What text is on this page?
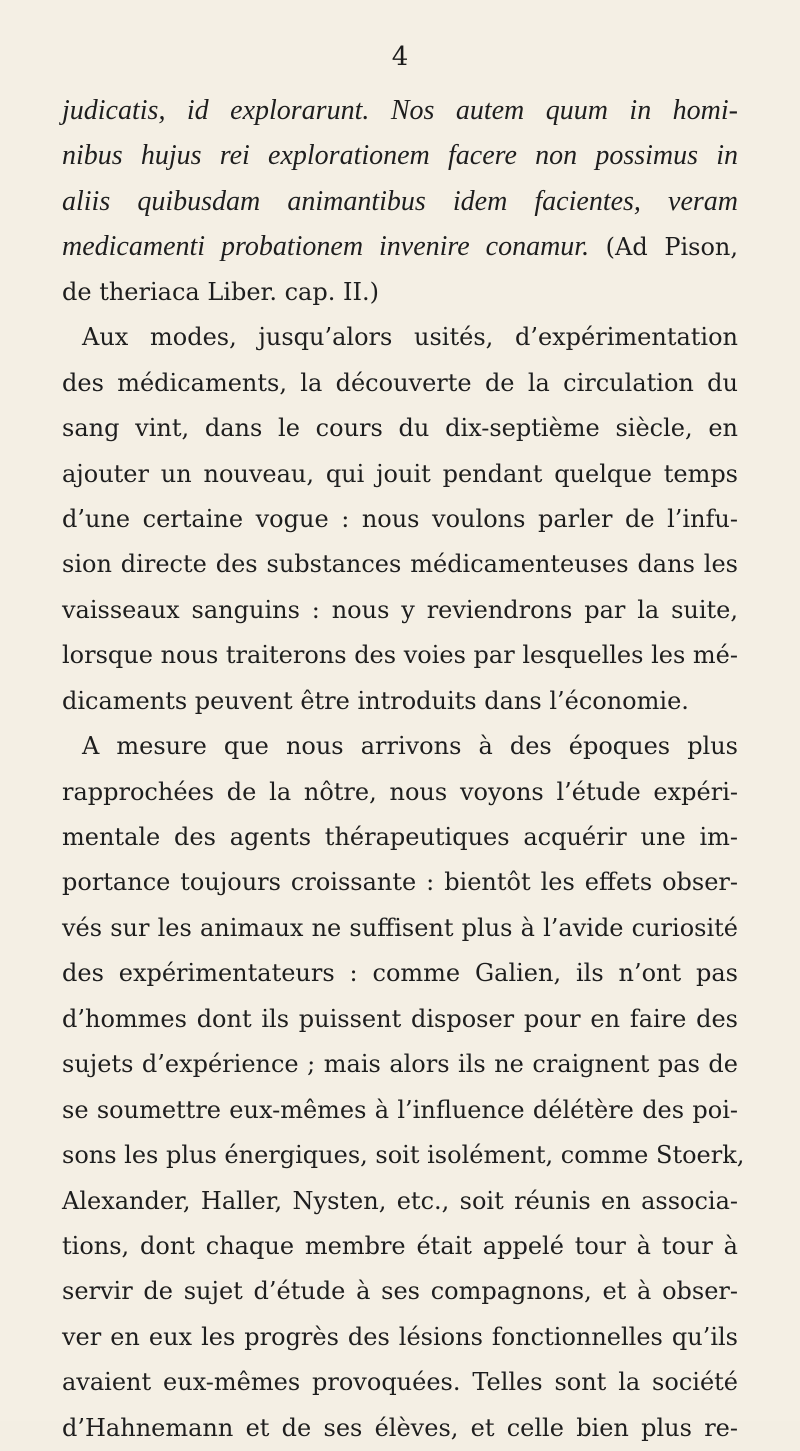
4
judicatis, id explorarunt. Nos autem quum in homi-
nibus hujus rei explorationem facere non possimus in
aliis quibusdam animantibus idem facientes, veram
medicamenti probationem invenire conamur. (Ad Pison,
de theriaca Liber. cap. II.)
Aux modes, jusqu’alors usités, d’expérimentation
des médicaments, la découverte de la circulation du
sang vint, dans le cours du dix-septième siècle, en
ajouter un nouveau, qui jouit pendant quelque temps
d’une certaine vogue : nous voulons parler de l’infu-
sion directe des substances médicamenteuses dans les
vaisseaux sanguins : nous y reviendrons par la suite,
lorsque nous traiterons des voies par lesquelles les mé-
dicaments peuvent être introduits dans l’économie.
A mesure que nous arrivons à des époques plus
rapprochées de la nôtre, nous voyons l’étude expéri-
mentale des agents thérapeutiques acquérir une im-
portance toujours croissante : bientôt les effets obser-
vés sur les animaux ne suffisent plus à l’avide curiosité
des expérimentateurs : comme Galien, ils n’ont pas
d’hommes dont ils puissent disposer pour en faire des
sujets d’expérience ; mais alors ils ne craignent pas de
se soumettre eux-mêmes à l’influence délétère des poi-
sons les plus énergiques, soit isolément, comme Stoerk,
Alexander, Haller, Nysten, etc., soit réunis en associa-
tions, dont chaque membre était appelé tour à tour à
servir de sujet d’étude à ses compagnons, et à obser-
ver en eux les progrès des lésions fonctionnelles qu’ils
avaient eux-mêmes provoquées. Telles sont la société
d’Hahnemann et de ses élèves, et celle bien plus re-
